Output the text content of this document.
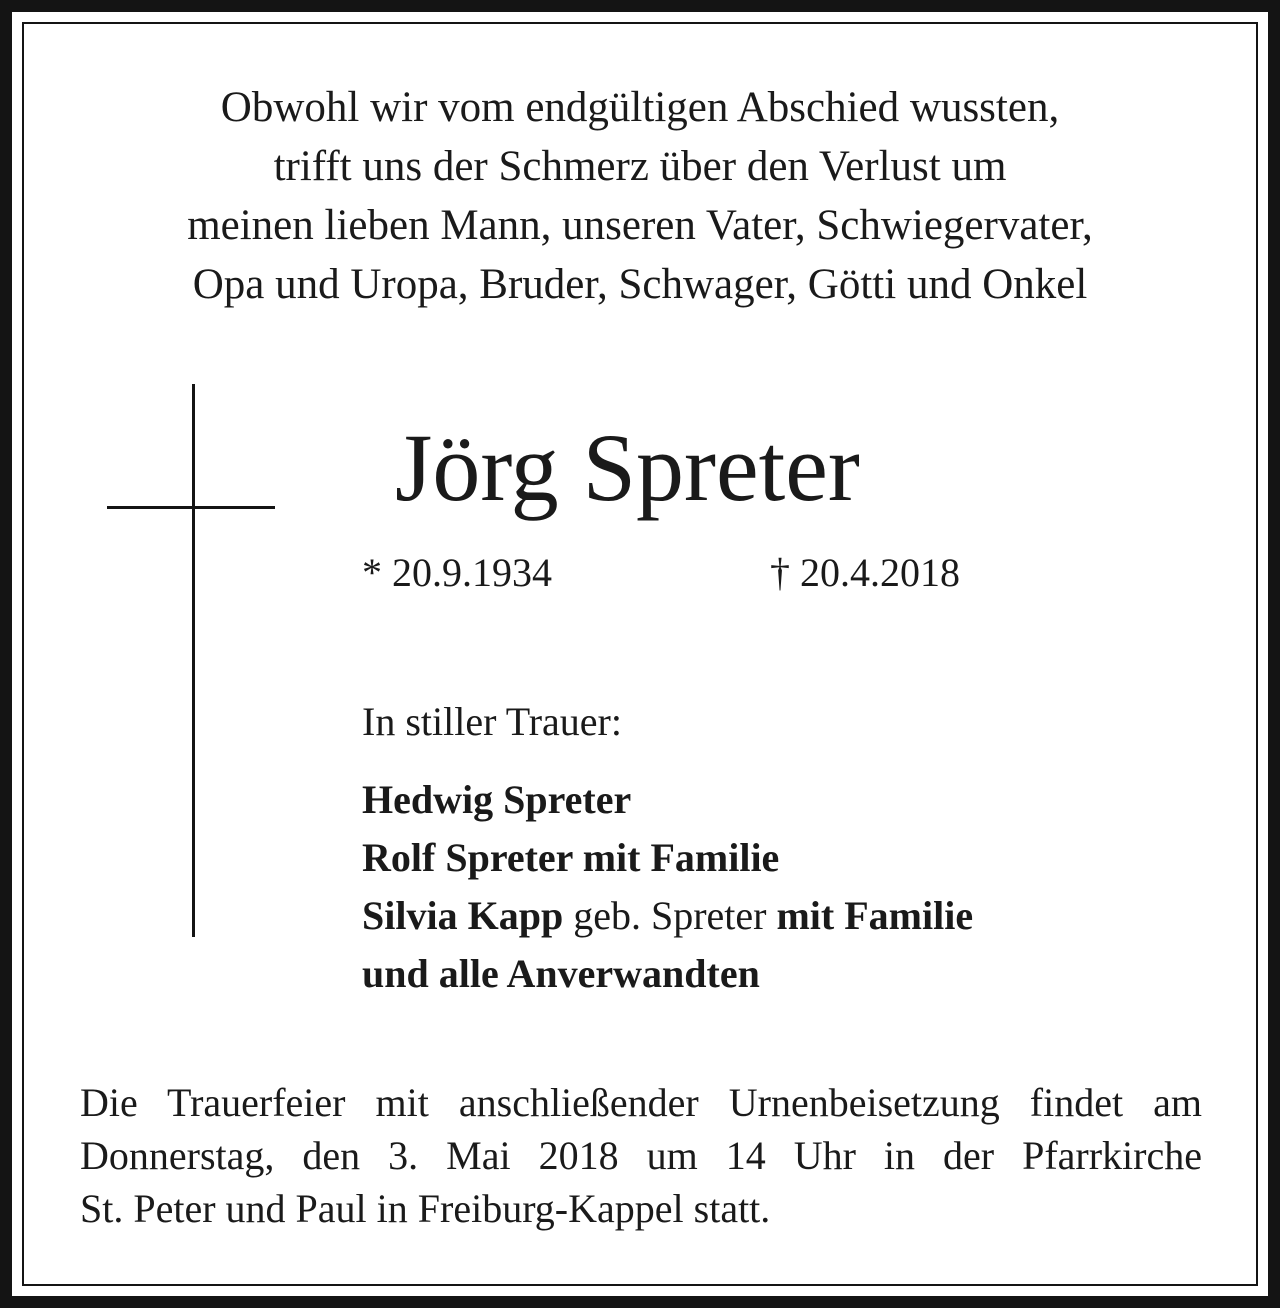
Obwohl wir vom endgültigen Abschied wussten,
trifft uns der Schmerz über den Verlust um
meinen lieben Mann, unseren Vater, Schwiegervater,
Opa und Uropa, Bruder, Schwager, Götti und Onkel
Jörg Spreter
* 20.9.1934	† 20.4.2018
In stiller Trauer:
Hedwig Spreter
Rolf Spreter mit Familie
Silvia Kapp geb. Spreter mit Familie
und alle Anverwandten
Die Trauerfeier mit anschließender Urnenbeisetzung findet am
Donnerstag, den 3. Mai 2018 um 14 Uhr in der Pfarrkirche
St. Peter und Paul in Freiburg-Kappel statt.
